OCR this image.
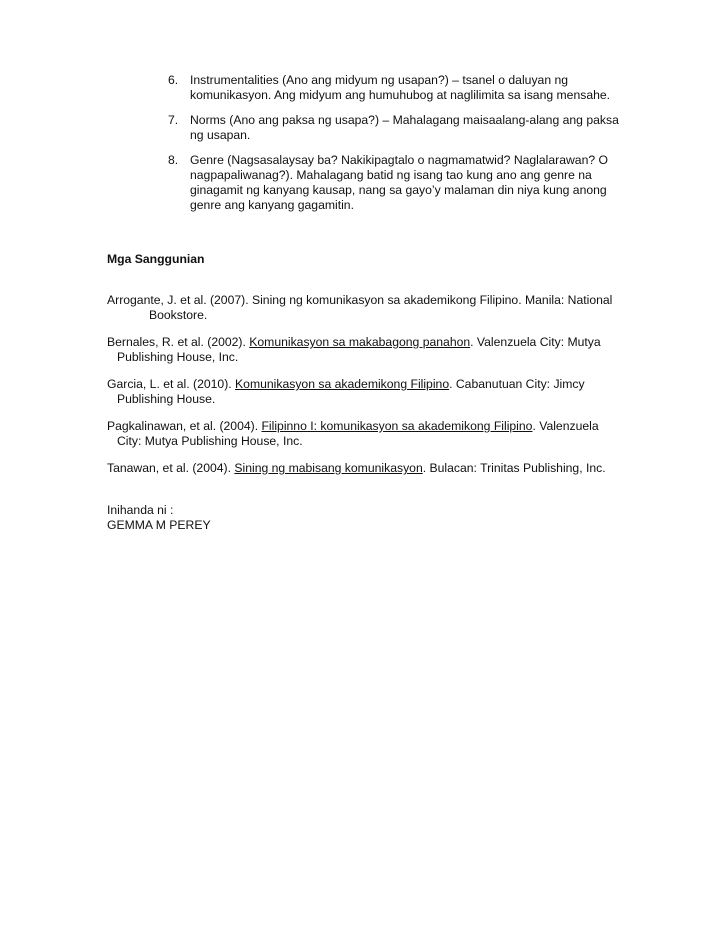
6. Instrumentalities (Ano ang midyum ng usapan?) – tsanel o daluyan ng
komunikasyon. Ang midyum ang humuhubog at naglilimita sa isang mensahe.
7. Norms (Ano ang paksa ng usapa?) – Mahalagang maisaalang-alang ang paksa
ng usapan.
8. Genre (Nagsasalaysay ba? Nakikipagtalo o nagmamatwid? Naglalarawan? O
nagpapaliwanag?). Mahalagang batid ng isang tao kung ano ang genre na
ginagamit ng kanyang kausap, nang sa gayo’y malaman din niya kung anong
genre ang kanyang gagamitin.
Mga Sanggunian
Arrogante, J. et al. (2007). Sining ng komunikasyon sa akademikong Filipino. Manila: National
Bookstore.
Bernales, R. et al. (2002). Komunikasyon sa makabagong panahon. Valenzuela City: Mutya
Publishing House, Inc.
Garcia, L. et al. (2010). Komunikasyon sa akademikong Filipino. Cabanutuan City: Jimcy
Publishing House.
Pagkalinawan, et al. (2004). Filipinno I: komunikasyon sa akademikong Filipino. Valenzuela
City: Mutya Publishing House, Inc.
Tanawan, et al. (2004). Sining ng mabisang komunikasyon. Bulacan: Trinitas Publishing, Inc.
Inihanda ni :
GEMMA M PEREY
